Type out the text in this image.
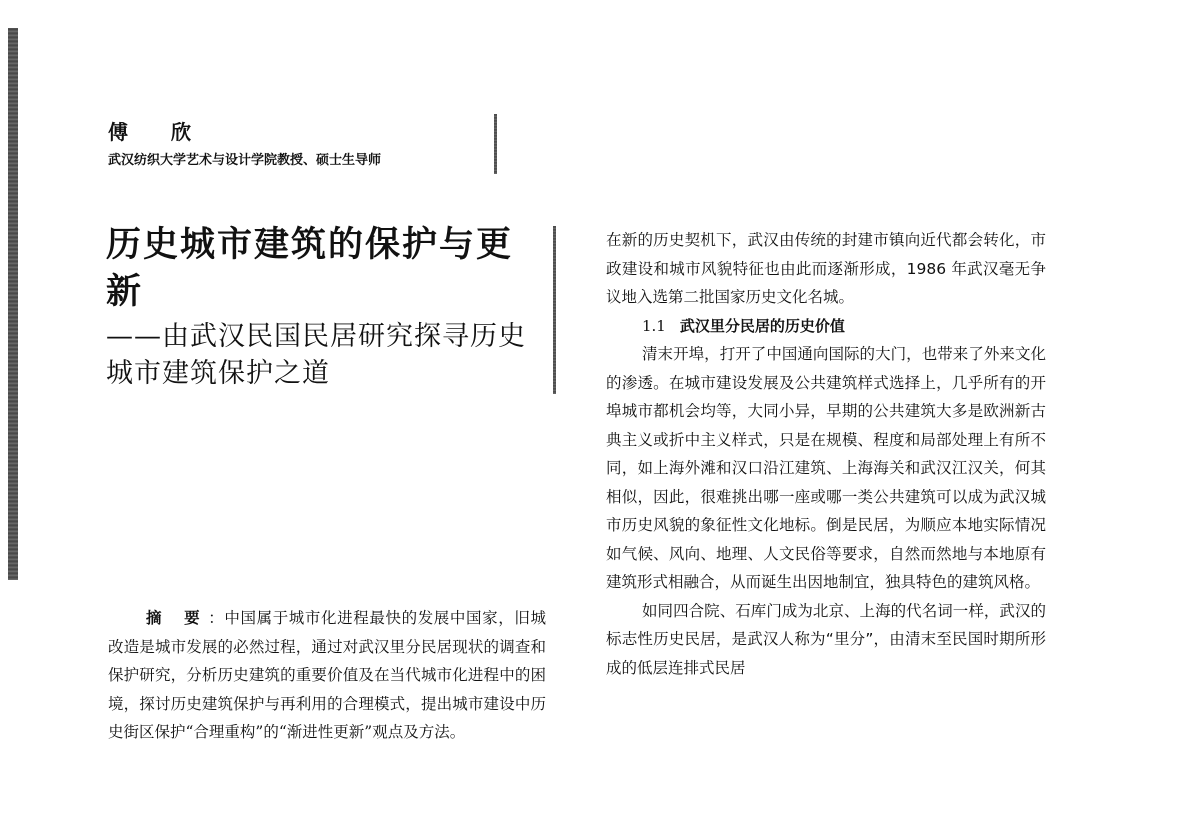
傅 欣
武汉纺织大学艺术与设计学院教授、硕士生导师
历史城市建筑的保护与更新
——由武汉民国民居研究探寻历史城市建筑保护之道
摘 要：中国属于城市化进程最快的发展中国家，旧城改造是城市发展的必然过程，通过对武汉里分民居现状的调查和保护研究，分析历史建筑的重要价值及在当代城市化进程中的困境，探讨历史建筑保护与再利用的合理模式，提出城市建设中历史街区保护“合理重构”的“渐进性更新”观点及方法。

在新的历史契机下，武汉由传统的封建市镇向近代都会转化，市政建设和城市风貌特征也由此而逐渐形成，1986 年武汉毫无争议地入选第二批国家历史文化名城。

1.1 武汉里分民居的历史价值

清末开埠，打开了中国通向国际的大门，也带来了外来文化的渗透。在城市建设发展及公共建筑样式选择上，几乎所有的开埠城市都机会均等，大同小异，早期的公共建筑大多是欧洲新古典主义或折中主义样式，只是在规模、程度和局部处理上有所不同，如上海外滩和汉口沿江建筑、上海海关和武汉江汉关，何其相似，因此，很难挑出哪一座或哪一类公共建筑可以成为武汉城市历史风貌的象征性文化地标。倒是民居，为顺应本地实际情况如气候、风向、地理、人文民俗等要求，自然而然地与本地原有建筑形式相融合，从而诞生出因地制宜，独具特色的建筑风格。

如同四合院、石库门成为北京、上海的代名词一样，武汉的标志性历史民居，是武汉人称为“里分”，由清末至民国时期所形成的低层连排式民居
